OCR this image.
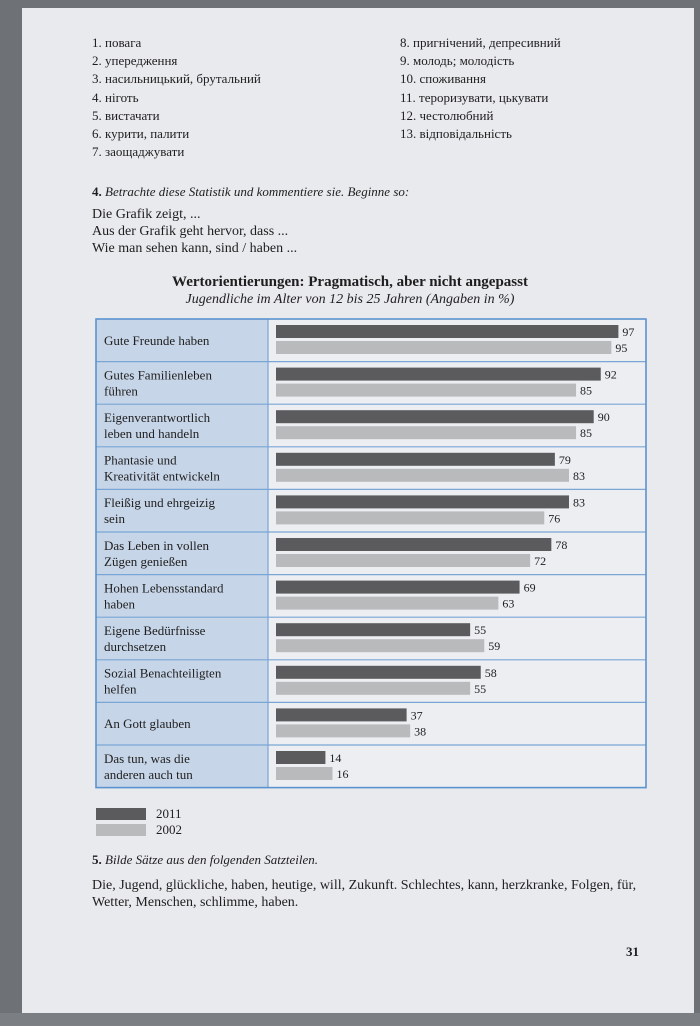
1. повага
2. упередження
3. насильницький, брутальний
4. ніготь
5. вистачати
6. курити, палити
7. заощаджувати
8. пригнічений, депресивний
9. молодь; молодість
10. споживання
11. тероризувати, цькувати
12. честолюбний
13. відповідальність
4. Betrachte diese Statistik und kommentiere sie. Beginne so:
Die Grafik zeigt, ...
Aus der Grafik geht hervor, dass ...
Wie man sehen kann, sind / haben ...
Wertorientierungen: Pragmatisch, aber nicht angepasst
Jugendliche im Alter von 12 bis 25 Jahren (Angaben in %)
Gute Freunde haben
97
95
Gutes Familienleben
führen
92
85
Eigenverantwortlich
leben und handeln
90
85
Phantasie und
Kreativität entwickeln
79
83
Fleißig und ehrgeizig
sein
83
76
Das Leben in vollen
Zügen genießen
78
72
Hohen Lebensstandard
haben
69
63
Eigene Bedürfnisse
durchsetzen
55
59
Sozial Benachteiligten
helfen
58
55
An Gott glauben
37
38
Das tun, was die
anderen auch tun
14
16
2011
2002
5. Bilde Sätze aus den folgenden Satzteilen.
Die, Jugend, glückliche, haben, heutige, will, Zukunft. Schlechtes, kann, herzkranke, Folgen, für, Wetter, Menschen, schlimme, haben.
31
